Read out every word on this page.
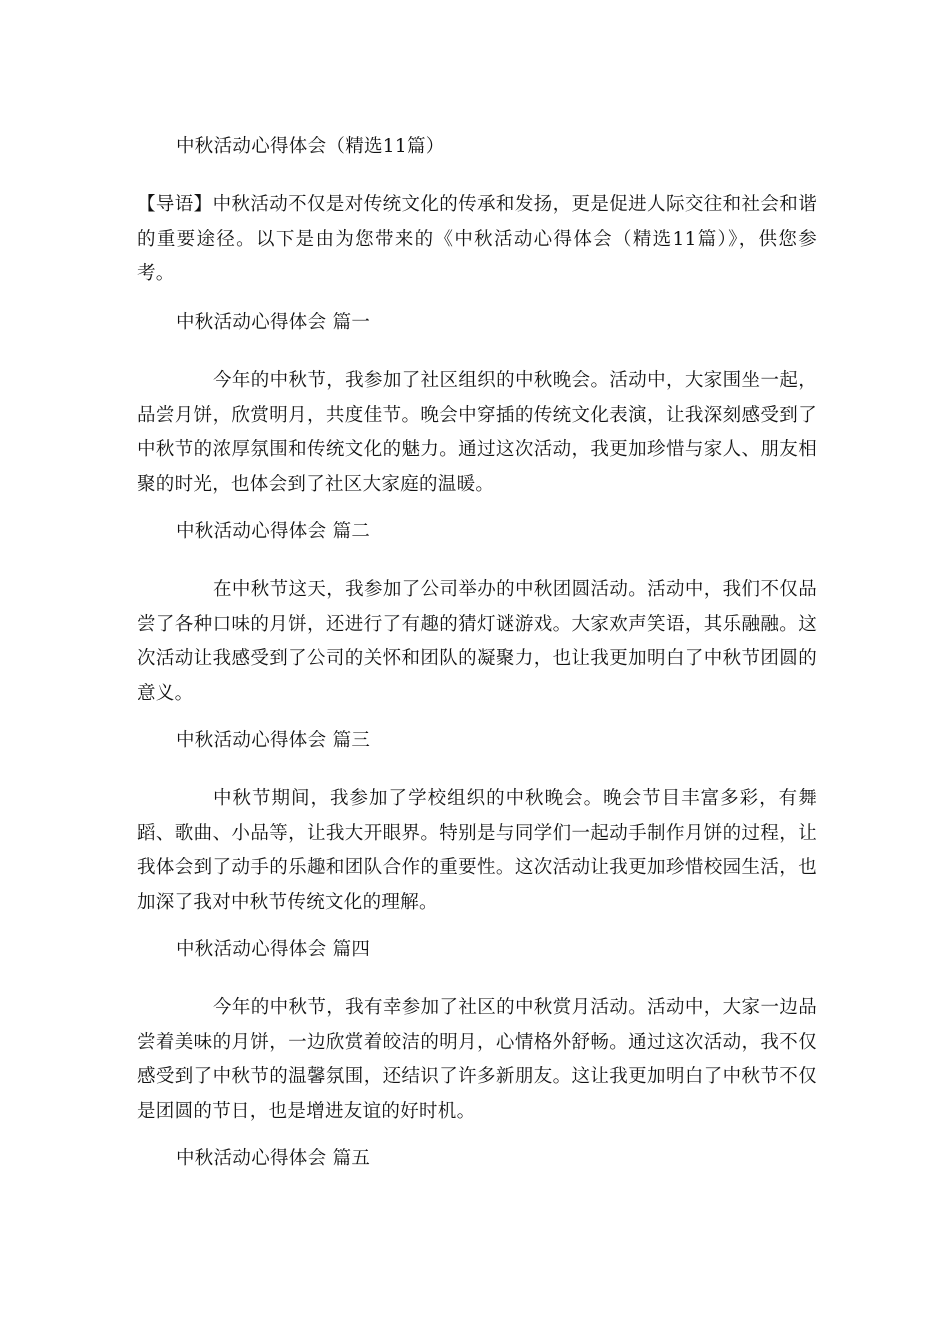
中秋活动心得体会（精选11篇）
【导语】中秋活动不仅是对传统文化的传承和发扬，更是促进人际交往和社会和谐的重要途径。以下是由为您带来的《中秋活动心得体会（精选11篇）》，供您参考。
中秋活动心得体会 篇一
今年的中秋节，我参加了社区组织的中秋晚会。活动中，大家围坐一起，品尝月饼，欣赏明月，共度佳节。晚会中穿插的传统文化表演，让我深刻感受到了中秋节的浓厚氛围和传统文化的魅力。通过这次活动，我更加珍惜与家人、朋友相聚的时光，也体会到了社区大家庭的温暖。
中秋活动心得体会 篇二
在中秋节这天，我参加了公司举办的中秋团圆活动。活动中，我们不仅品尝了各种口味的月饼，还进行了有趣的猜灯谜游戏。大家欢声笑语，其乐融融。这次活动让我感受到了公司的关怀和团队的凝聚力，也让我更加明白了中秋节团圆的意义。
中秋活动心得体会 篇三
中秋节期间，我参加了学校组织的中秋晚会。晚会节目丰富多彩，有舞蹈、歌曲、小品等，让我大开眼界。特别是与同学们一起动手制作月饼的过程，让我体会到了动手的乐趣和团队合作的重要性。这次活动让我更加珍惜校园生活，也加深了我对中秋节传统文化的理解。
中秋活动心得体会 篇四
今年的中秋节，我有幸参加了社区的中秋赏月活动。活动中，大家一边品尝着美味的月饼，一边欣赏着皎洁的明月，心情格外舒畅。通过这次活动，我不仅感受到了中秋节的温馨氛围，还结识了许多新朋友。这让我更加明白了中秋节不仅是团圆的节日，也是增进友谊的好时机。
中秋活动心得体会 篇五
